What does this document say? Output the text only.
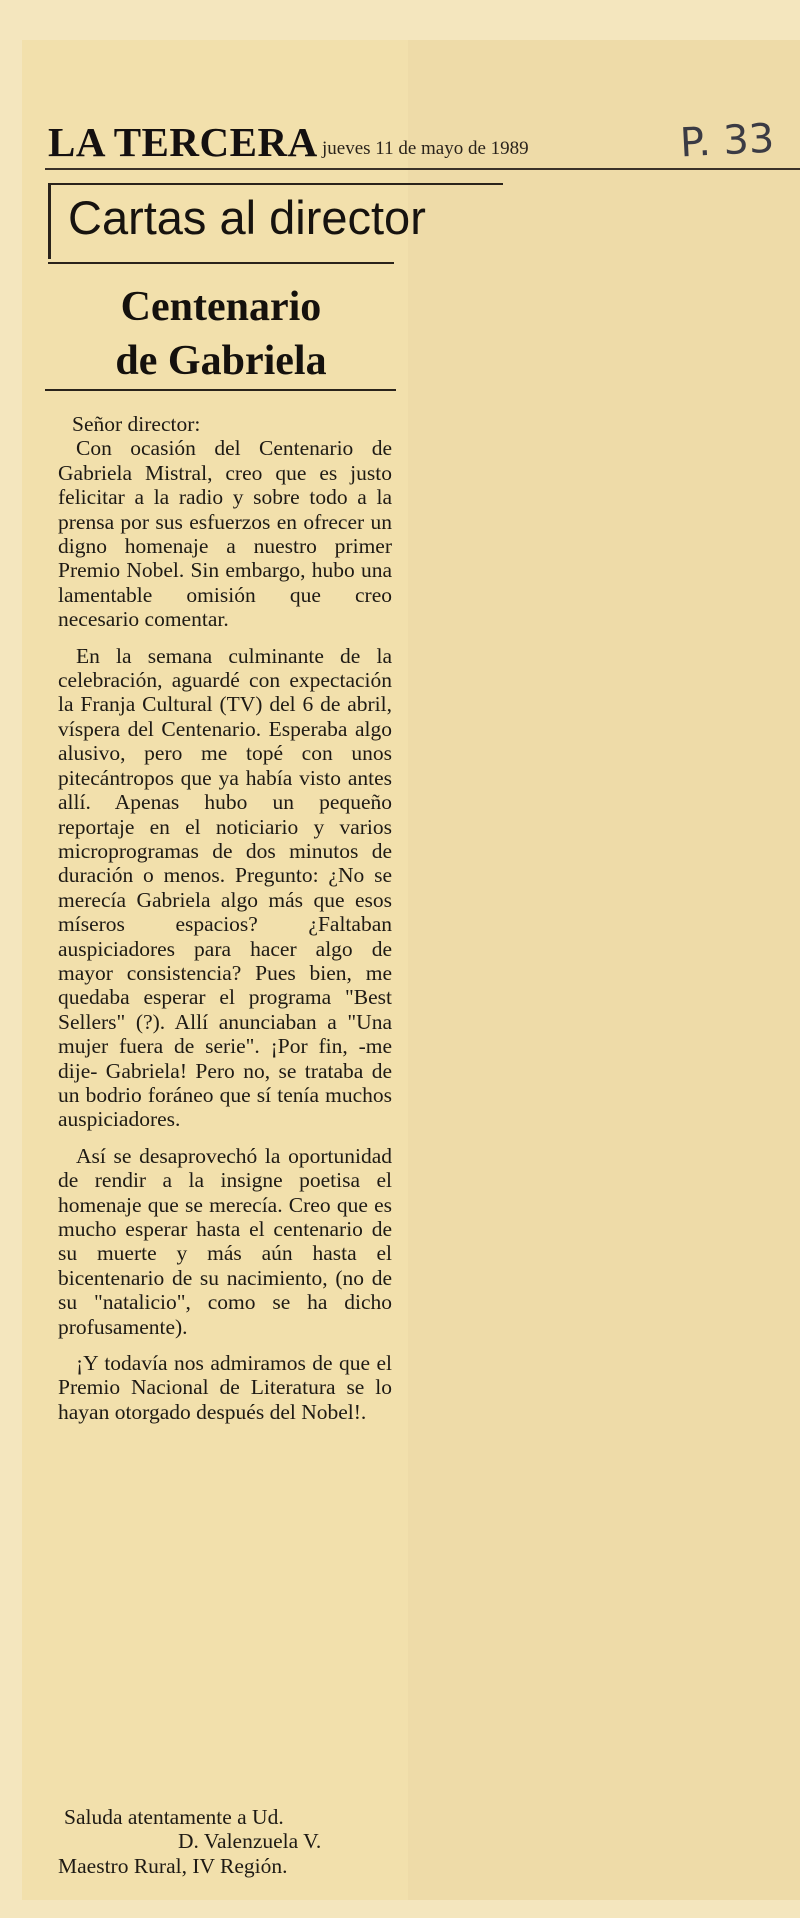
LA TERCERA jueves 11 de mayo de 1989	P. 33
Cartas al director
Centenario
de Gabriela

Señor director:

Con ocasión del Centenario de Gabriela Mistral, creo que es justo felicitar a la radio y sobre todo a la prensa por sus esfuerzos en ofrecer un digno homenaje a nuestro primer Premio Nobel. Sin embargo, hubo una lamentable omisión que creo necesario comentar.

En la semana culminante de la celebración, aguardé con expectación la Franja Cultural (TV) del 6 de abril, víspera del Centenario. Esperaba algo alusivo, pero me topé con unos pitecántropos que ya había visto antes allí. Apenas hubo un pequeño reportaje en el noticiario y varios microprogramas de dos minutos de duración o menos. Pregunto: ¿No se merecía Gabriela algo más que esos míseros espacios? ¿Faltaban auspiciadores para hacer algo de mayor consistencia? Pues bien, me quedaba esperar el programa "Best Sellers" (?). Allí anunciaban a "Una mujer fuera de serie". ¡Por fin, -me dije- Gabriela! Pero no, se trataba de un bodrio foráneo que sí tenía muchos auspiciadores.

Así se desaprovechó la oportunidad de rendir a la insigne poetisa el homenaje que se merecía. Creo que es mucho esperar hasta el centenario de su muerte y más aún hasta el bicentenario de su nacimiento, (no de su "natalicio", como se ha dicho profusamente).

¡Y todavía nos admiramos de que el Premio Nacional de Literatura se lo hayan otorgado después del Nobel!.

Saluda atentamente a Ud.
D. Valenzuela V.
Maestro Rural, IV Región.
